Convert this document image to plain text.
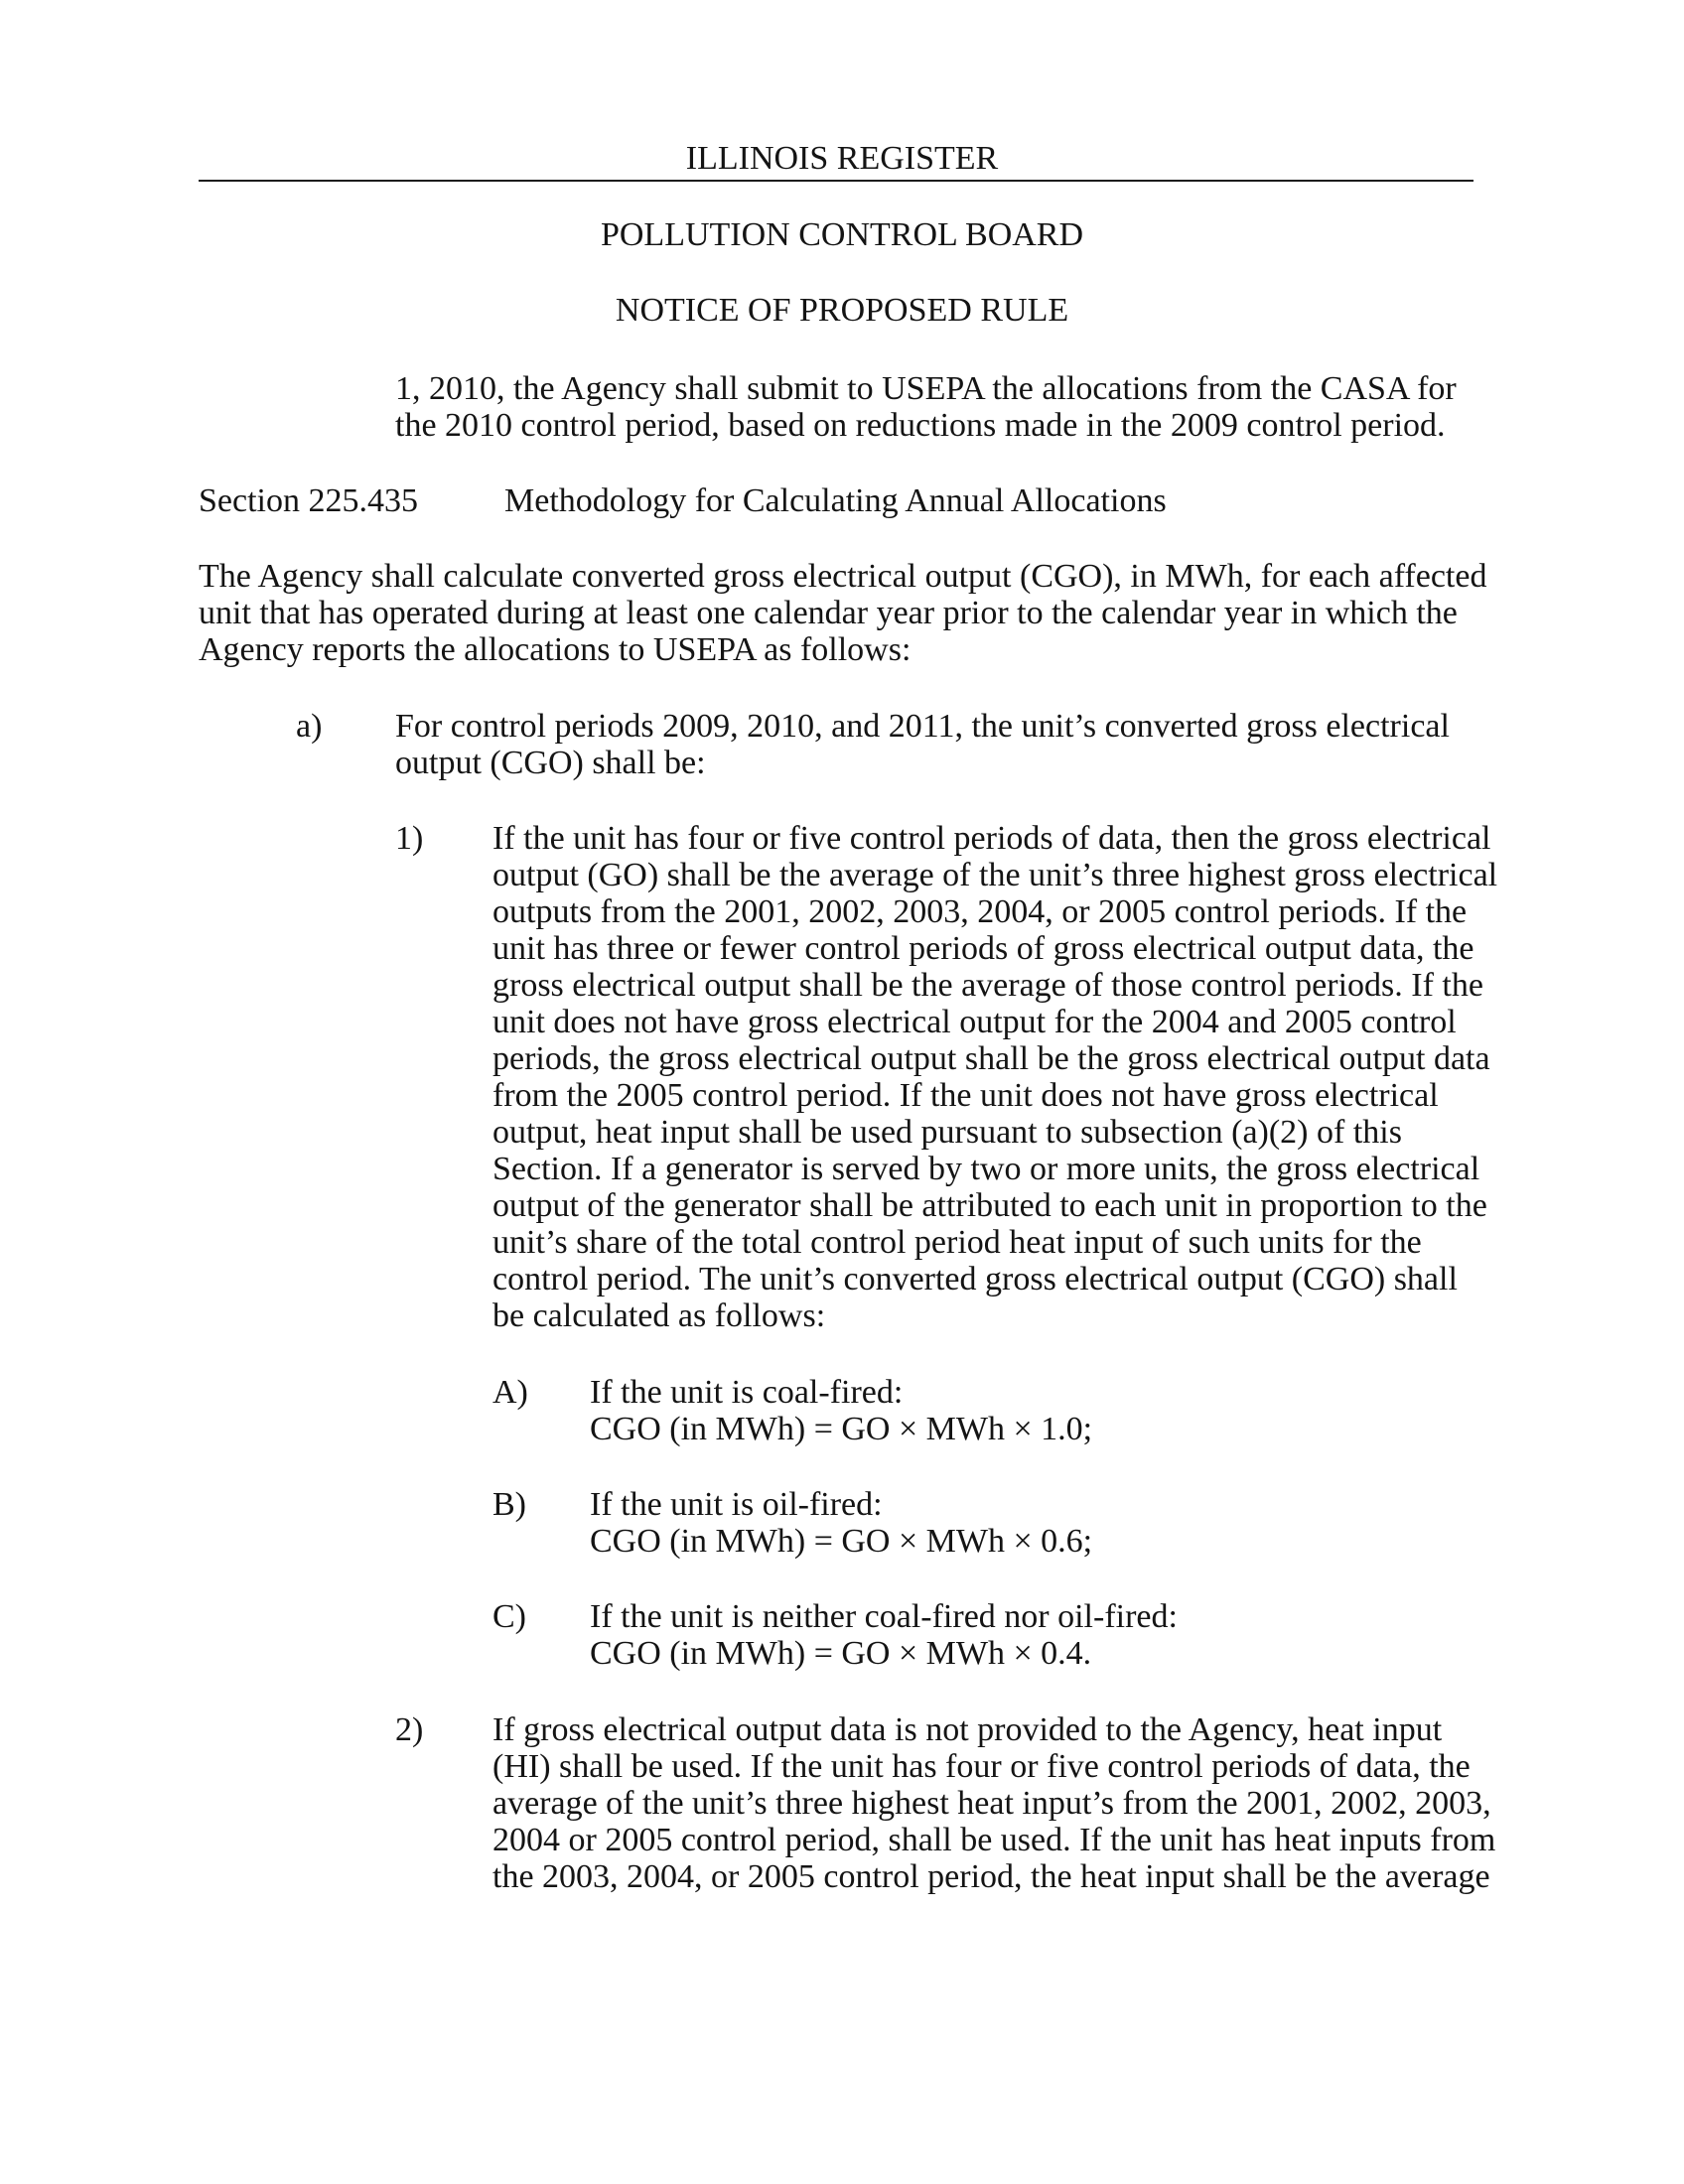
ILLINOIS REGISTER
POLLUTION CONTROL BOARD
NOTICE OF PROPOSED RULE
1, 2010, the Agency shall submit to USEPA the allocations from the CASA for
the 2010 control period, based on reductions made in the 2009 control period.
Section 225.435	Methodology for Calculating Annual Allocations
The Agency shall calculate converted gross electrical output (CGO), in MWh, for each affected
unit that has operated during at least one calendar year prior to the calendar year in which the
Agency reports the allocations to USEPA as follows:
a) For control periods 2009, 2010, and 2011, the unit’s converted gross electrical
output (CGO) shall be:
1) If the unit has four or five control periods of data, then the gross electrical
output (GO) shall be the average of the unit’s three highest gross electrical
outputs from the 2001, 2002, 2003, 2004, or 2005 control periods. If the
unit has three or fewer control periods of gross electrical output data, the
gross electrical output shall be the average of those control periods. If the
unit does not have gross electrical output for the 2004 and 2005 control
periods, the gross electrical output shall be the gross electrical output data
from the 2005 control period. If the unit does not have gross electrical
output, heat input shall be used pursuant to subsection (a)(2) of this
Section. If a generator is served by two or more units, the gross electrical
output of the generator shall be attributed to each unit in proportion to the
unit’s share of the total control period heat input of such units for the
control period. The unit’s converted gross electrical output (CGO) shall
be calculated as follows:
A) If the unit is coal-fired:
CGO (in MWh) = GO × MWh × 1.0;
B) If the unit is oil-fired:
CGO (in MWh) = GO × MWh × 0.6;
C) If the unit is neither coal-fired nor oil-fired:
CGO (in MWh) = GO × MWh × 0.4.
2) If gross electrical output data is not provided to the Agency, heat input
(HI) shall be used. If the unit has four or five control periods of data, the
average of the unit’s three highest heat input’s from the 2001, 2002, 2003,
2004 or 2005 control period, shall be used. If the unit has heat inputs from
the 2003, 2004, or 2005 control period, the heat input shall be the average
